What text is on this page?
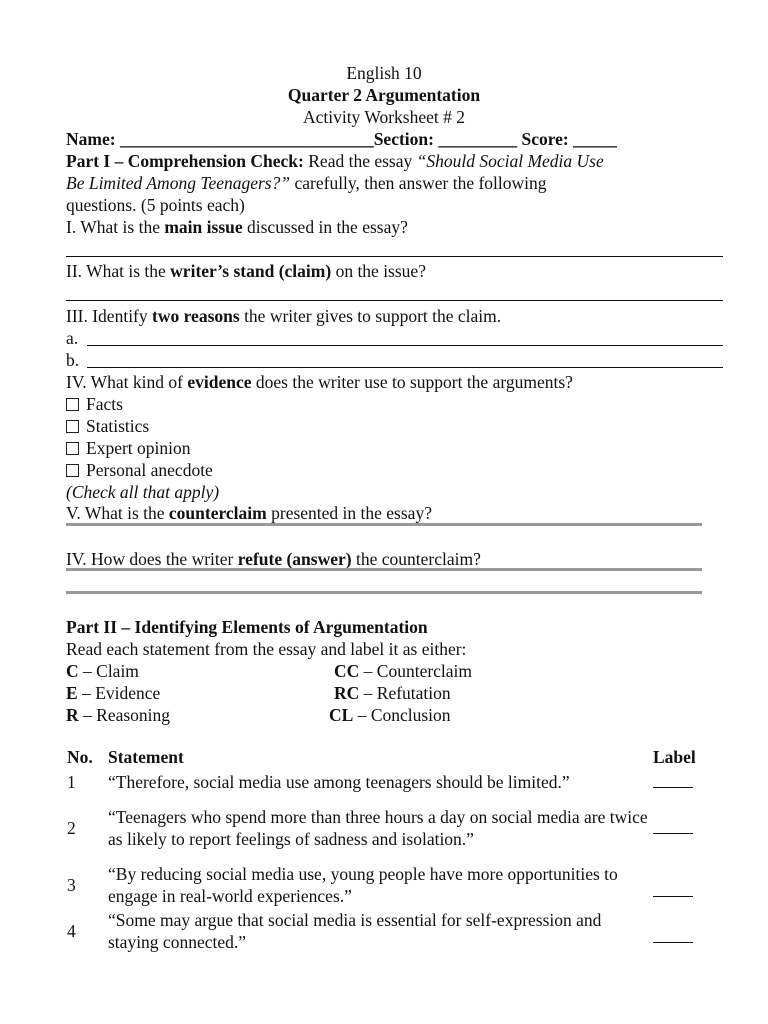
English 10
Quarter 2 Argumentation
Activity Worksheet # 2
Name: _____________________________Section: _________ Score: _____
Part I – Comprehension Check: Read the essay “Should Social Media Use
Be Limited Among Teenagers?” carefully, then answer the following
questions. (5 points each)
I. What is the main issue discussed in the essay?
II. What is the writer’s stand (claim) on the issue?
III. Identify two reasons the writer gives to support the claim.
a.
b.
IV. What kind of evidence does the writer use to support the arguments?
Facts
Statistics
Expert opinion
Personal anecdote
(Check all that apply)
V. What is the counterclaim presented in the essay?
IV. How does the writer refute (answer) the counterclaim?
Part II – Identifying Elements of Argumentation
Read each statement from the essay and label it as either:
C – Claim	CC – Counterclaim
E – Evidence	RC – Refutation
R – Reasoning	CL – Conclusion
No.	Statement	Label
1	“Therefore, social media use among teenagers should be limited.”	
2	“Teenagers who spend more than three hours a day on social media are twice as likely to report feelings of sadness and isolation.”	
3	“By reducing social media use, young people have more opportunities to engage in real-world experiences.”	
4	“Some may argue that social media is essential for self-expression and staying connected.”	
